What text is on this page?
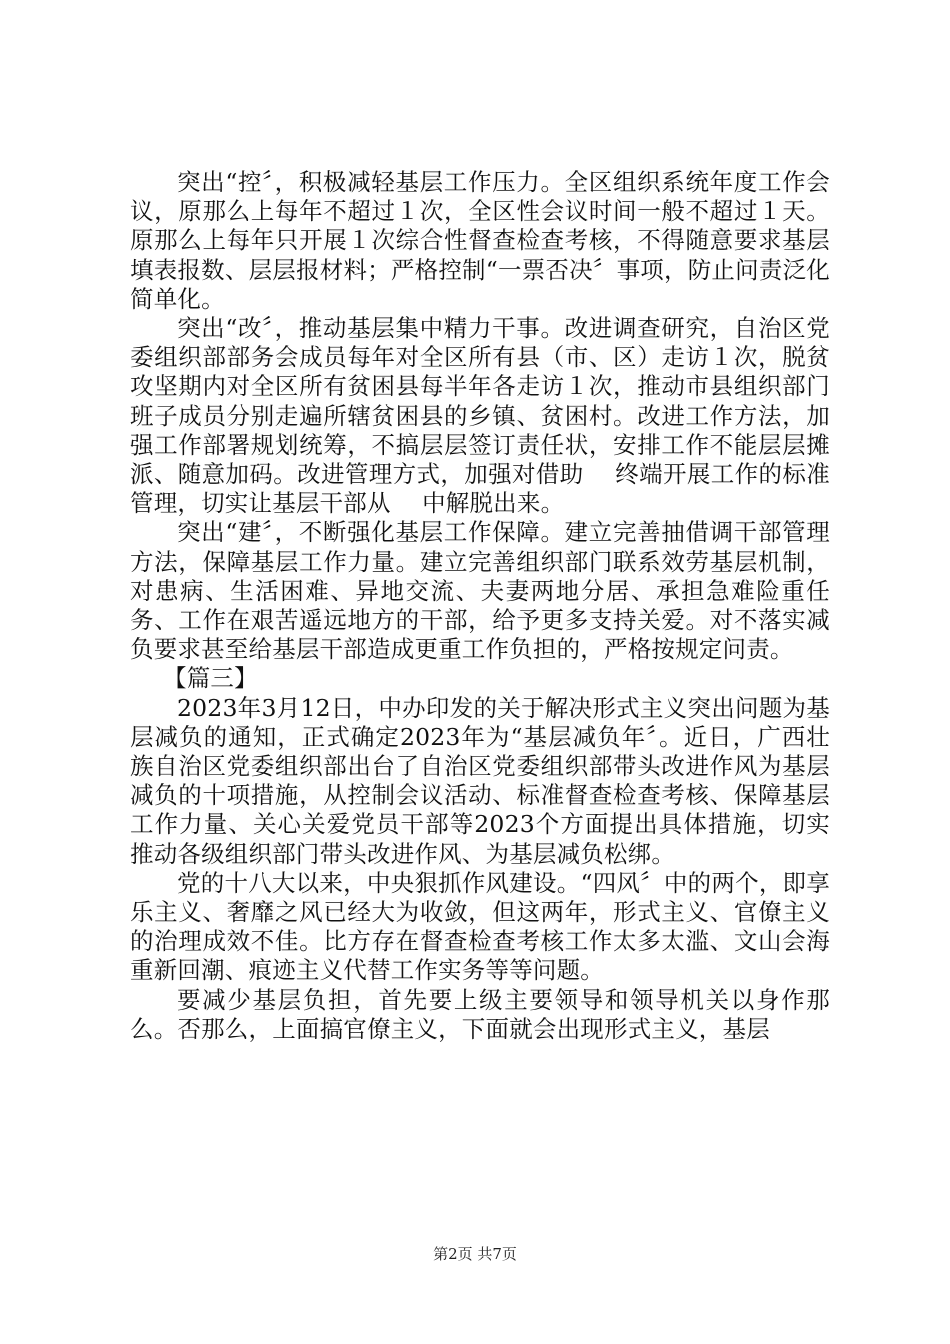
突出“控〞，积极减轻基层工作压力。全区组织系统年度工作会议，原那么上每年不超过１次，全区性会议时间一般不超过１天。原那么上每年只开展１次综合性督查检查考核，不得随意要求基层填表报数、层层报材料；严格控制“一票否决〞事项，防止问责泛化简单化。

突出“改〞，推动基层集中精力干事。改进调查研究，自治区党委组织部部务会成员每年对全区所有县（市、区）走访１次，脱贫攻坚期内对全区所有贫困县每半年各走访１次，推动市县组织部门班子成员分别走遍所辖贫困县的乡镇、贫困村。改进工作方法，加强工作部署规划统筹，不搞层层签订责任状，安排工作不能层层摊派、随意加码。改进管理方式，加强对借助　 终端开展工作的标准管理，切实让基层干部从　 中解脱出来。

突出“建〞，不断强化基层工作保障。建立完善抽借调干部管理方法，保障基层工作力量。建立完善组织部门联系效劳基层机制，对患病、生活困难、异地交流、夫妻两地分居、承担急难险重任务、工作在艰苦遥远地方的干部，给予更多支持关爱。对不落实减负要求甚至给基层干部造成更重工作负担的，严格按规定问责。

【篇三】

2023年3月12日，中办印发的关于解决形式主义突出问题为基层减负的通知，正式确定2023年为“基层减负年〞。近日，广西壮族自治区党委组织部出台了自治区党委组织部带头改进作风为基层减负的十项措施，从控制会议活动、标准督查检查考核、保障基层工作力量、关心关爱党员干部等2023个方面提出具体措施，切实推动各级组织部门带头改进作风、为基层减负松绑。

党的十八大以来，中央狠抓作风建设。“四风〞中的两个，即享乐主义、奢靡之风已经大为收敛，但这两年，形式主义、官僚主义的治理成效不佳。比方存在督查检查考核工作太多太滥、文山会海重新回潮、痕迹主义代替工作实务等等问题。

要减少基层负担，首先要上级主要领导和领导机关以身作那么。否那么，上面搞官僚主义，下面就会出现形式主义，基层

第2页 共7页
